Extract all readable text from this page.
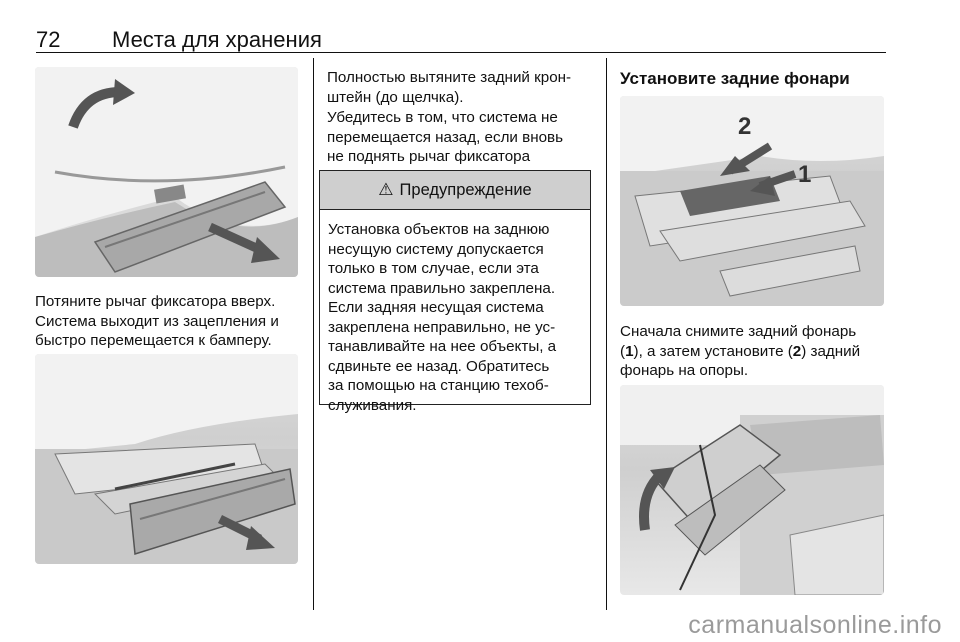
72 Места для хранения
Потяните рычаг фиксатора вверх.
Система выходит из зацепления и
быстро перемещается к бамперу.
Полностью вытяните задний крон-
штейн (до щелчка).
Убедитесь в том, что система не
перемещается назад, если вновь
не поднять рычаг фиксатора
⚠ Предупреждение
Установка объектов на заднюю
несущую систему допускается
только в том случае, если эта
система правильно закреплена.
Если задняя несущая система
закреплена неправильно, не ус-
танавливайте на нее объекты, а
сдвиньте ее назад. Обратитесь
за помощью на станцию техоб-
служивания.
Установите задние фонари
2
1
Сначала снимите задний фонарь
(1), а затем установите (2) задний
фонарь на опоры.
carmanualsonline.info
